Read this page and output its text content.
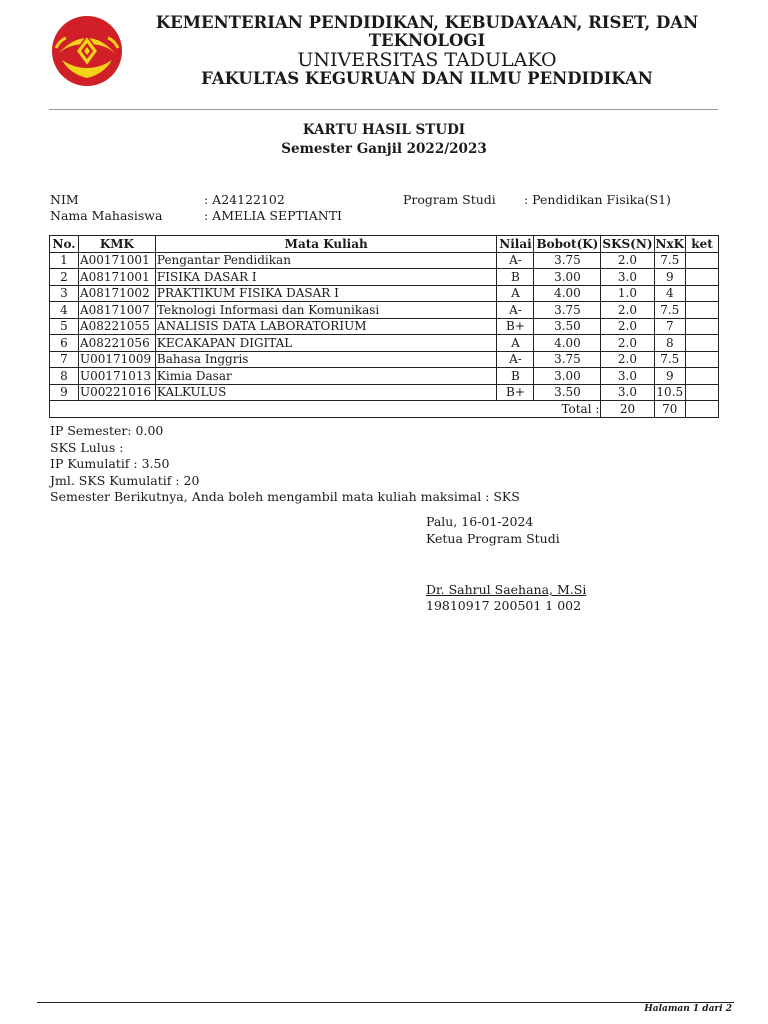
KEMENTERIAN PENDIDIKAN, KEBUDAYAAN, RISET, DAN
TEKNOLOGI
UNIVERSITAS TADULAKO
FAKULTAS KEGURUAN DAN ILMU PENDIDIKAN
KARTU HASIL STUDI
Semester Ganjil 2022/2023
NIM	: A24122102	Program Studi : Pendidikan Fisika(S1)
Nama Mahasiswa	: AMELIA SEPTIANTI
No.	KMK	Mata Kuliah	Nilai	Bobot(K)	SKS(N)	NxK	ket
1	A00171001	Pengantar Pendidikan	A-	3.75	2.0	7.5	
2	A08171001	FISIKA DASAR I	B	3.00	3.0	9	
3	A08171002	PRAKTIKUM FISIKA DASAR I	A	4.00	1.0	4	
4	A08171007	Teknologi Informasi dan Komunikasi	A-	3.75	2.0	7.5	
5	A08221055	ANALISIS DATA LABORATORIUM	B+	3.50	2.0	7	
6	A08221056	KECAKAPAN DIGITAL	A	4.00	2.0	8	
7	U00171009	Bahasa Inggris	A-	3.75	2.0	7.5	
8	U00171013	Kimia Dasar	B	3.00	3.0	9	
9	U00221016	KALKULUS	B+	3.50	3.0	10.5	
Total :					20	70	
IP Semester: 0.00
SKS Lulus :
IP Kumulatif : 3.50
Jml. SKS Kumulatif : 20
Semester Berikutnya, Anda boleh mengambil mata kuliah maksimal : SKS
Palu, 16-01-2024
Ketua Program Studi
Dr. Sahrul Saehana, M.Si
19810917 200501 1 002
Halaman 1 dari 2
